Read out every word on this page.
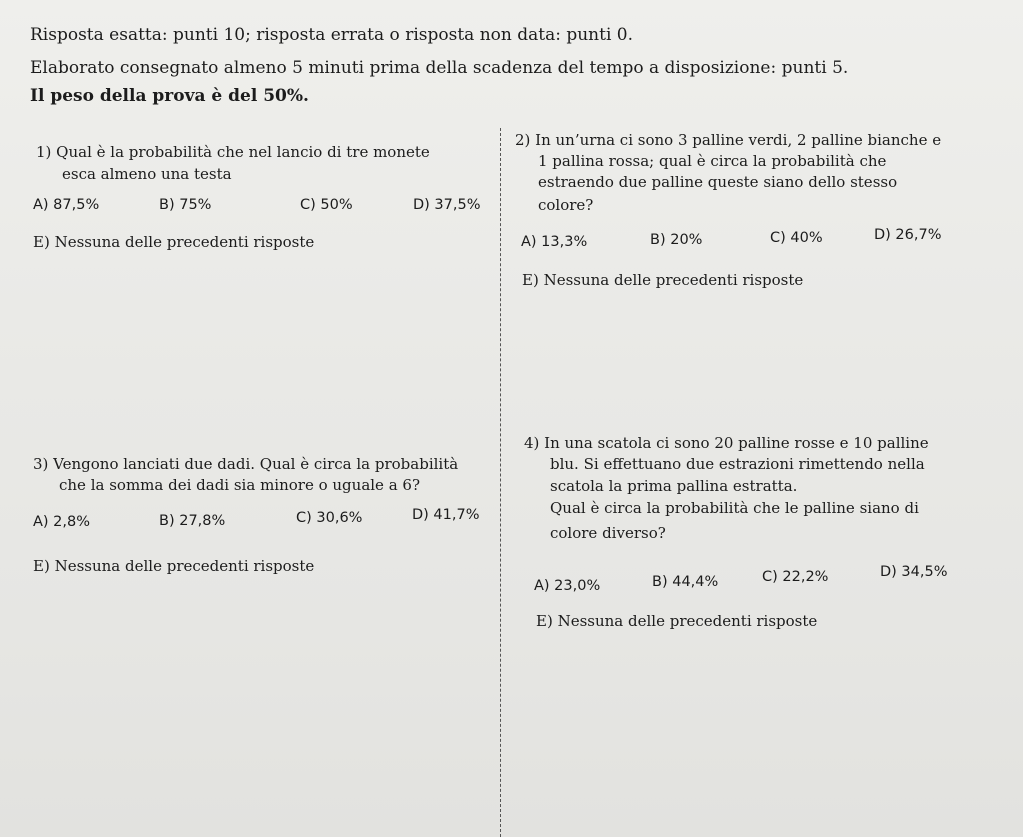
Risposta esatta: punti 10; risposta errata o risposta non data: punti 0.
Elaborato consegnato almeno 5 minuti prima della scadenza del tempo a disposizione: punti 5.
Il peso della prova è del 50%.
1) Qual è la probabilità che nel lancio di tre monete
esca almeno una testa
A) 87,5%	B) 75%	C) 50%	D) 37,5%
E) Nessuna delle precedenti risposte
2) In un’urna ci sono 3 palline verdi, 2 palline bianche e
1 pallina rossa; qual è circa la probabilità che
estraendo due palline queste siano dello stesso
colore?
A) 13,3%	B) 20%	C) 40%	D) 26,7%
E) Nessuna delle precedenti risposte
3) Vengono lanciati due dadi. Qual è circa la probabilità
che la somma dei dadi sia minore o uguale a 6?
A) 2,8%	B) 27,8%	C) 30,6%	D) 41,7%
E) Nessuna delle precedenti risposte
4) In una scatola ci sono 20 palline rosse e 10 palline
blu. Si effettuano due estrazioni rimettendo nella
scatola la prima pallina estratta.
Qual è circa la probabilità che le palline siano di
colore diverso?
A) 23,0%	B) 44,4%	C) 22,2%	D) 34,5%
E) Nessuna delle precedenti risposte
